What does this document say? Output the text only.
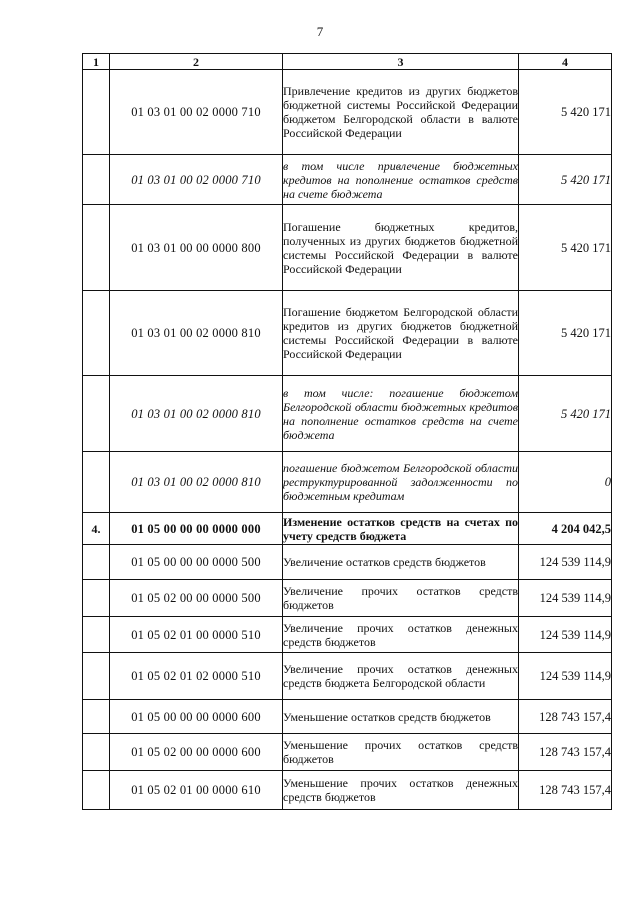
7
1	2	3	4
	01 03 01 00 02 0000 710	Привлечение кредитов из других бюджетов бюджетной системы Российской Федерации бюджетом Белгородской области в валюте Российской Федерации	5 420 171
	01 03 01 00 02 0000 710	в том числе привлечение бюджетных кредитов на пополнение остатков средств на счете бюджета	5 420 171
	01 03 01 00 00 0000 800	Погашение бюджетных кредитов, полученных из других бюджетов бюджетной системы Российской Федерации в валюте Российской Федерации	5 420 171
	01 03 01 00 02 0000 810	Погашение бюджетом Белгородской области кредитов из других бюджетов бюджетной системы Российской Федерации в валюте Российской Федерации	5 420 171
	01 03 01 00 02 0000 810	в том числе: погашение бюджетом Белгородской области бюджетных кредитов на пополнение остатков средств на счете бюджета	5 420 171
	01 03 01 00 02 0000 810	погашение бюджетом Белгородской области реструктурированной задолженности по бюджетным кредитам	0
4.	01 05 00 00 00 0000 000	Изменение остатков средств на счетах по учету средств бюджета	4 204 042,5
	01 05 00 00 00 0000 500	Увеличение остатков средств бюджетов	124 539 114,9
	01 05 02 00 00 0000 500	Увеличение прочих остатков средств бюджетов	124 539 114,9
	01 05 02 01 00 0000 510	Увеличение прочих остатков денежных средств бюджетов	124 539 114,9
	01 05 02 01 02 0000 510	Увеличение прочих остатков денежных средств бюджета Белгородской области	124 539 114,9
	01 05 00 00 00 0000 600	Уменьшение остатков средств бюджетов	128 743 157,4
	01 05 02 00 00 0000 600	Уменьшение прочих остатков средств бюджетов	128 743 157,4
	01 05 02 01 00 0000 610	Уменьшение прочих остатков денежных средств бюджетов	128 743 157,4
